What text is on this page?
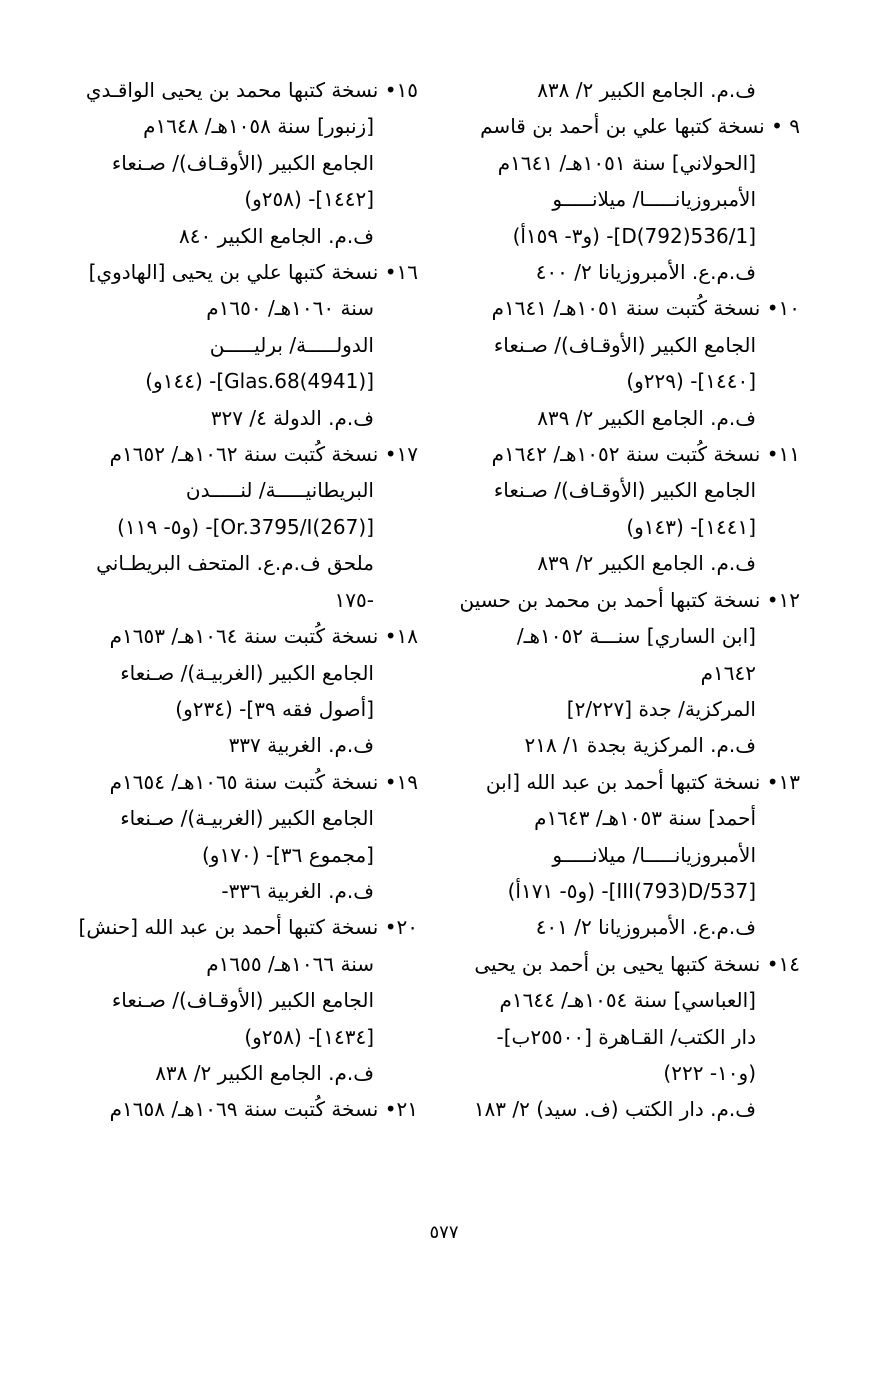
ف.م. الجامع الكبير ٢/ ٨٣٨
٩ • نسخة كتبها علي بن أحمد بن قاسم
[الحولاني] سنة ١٠٥١هـ/ ١٦٤١م
الأمبروزيانـــــا/ ميلانـــــو
[536/1(792)D]- (و٣- ١٥٩أ)
ف.م.ع. الأمبروزيانا ٢/ ٤٠٠
١٠• نسخة كُتبت سنة ١٠٥١هـ/ ١٦٤١م
الجامع الكبير (الأوقـاف)/ صـنعاء
[١٤٤٠]- (٢٢٩و)
ف.م. الجامع الكبير ٢/ ٨٣٩
١١• نسخة كُتبت سنة ١٠٥٢هـ/ ١٦٤٢م
الجامع الكبير (الأوقـاف)/ صـنعاء
[١٤٤١]- (١٤٣و)
ف.م. الجامع الكبير ٢/ ٨٣٩
١٢• نسخة كتبها أحمد بن محمد بن حسين
[ابن الساري] سنـــة ١٠٥٢هـ/
١٦٤٢م
المركزية/ جدة [٢/٢٢٧]
ف.م. المركزية بجدة ١/ ٢١٨
١٣• نسخة كتبها أحمد بن عبد الله [ابن
أحمد] سنة ١٠٥٣هـ/ ١٦٤٣م
الأمبروزيانـــــا/ ميلانـــــو
[537/III(793)D]- (و٥- ١٧١أ)
ف.م.ع. الأمبروزيانا ٢/ ٤٠١
١٤• نسخة كتبها يحيى بن أحمد بن يحيى
[العباسي] سنة ١٠٥٤هـ/ ١٦٤٤م
دار الكتب/ القـاهرة [٢٥٥٠٠ب]-
(و١٠- ٢٢٢)
ف.م. دار الكتب (ف. سيد) ٢/ ١٨٣
١٥• نسخة كتبها محمد بن يحيى الواقـدي
[زنبور] سنة ١٠٥٨هـ/ ١٦٤٨م
الجامع الكبير (الأوقـاف)/ صـنعاء
[١٤٤٢]- (٢٥٨و)
ف.م. الجامع الكبير ٨٤٠
١٦• نسخة كتبها علي بن يحيى [الهادوي]
سنة ١٠٦٠هـ/ ١٦٥٠م
الدولـــــة/ برليـــــن
[Glas.68(4941)]- (١٤٤و)
ف.م. الدولة ٤/ ٣٢٧
١٧• نسخة كُتبت سنة ١٠٦٢هـ/ ١٦٥٢م
البريطانيـــــة/ لنـــــدن
[Or.3795/I(267)]- (و٥- ١١٩)
ملحق ف.م.ع. المتحف البريطـاني
-١٧٥
١٨• نسخة كُتبت سنة ١٠٦٤هـ/ ١٦٥٣م
الجامع الكبير (الغربيـة)/ صـنعاء
[أصول فقه ٣٩]- (٢٣٤و)
ف.م. الغربية ٣٣٧
١٩• نسخة كُتبت سنة ١٠٦٥هـ/ ١٦٥٤م
الجامع الكبير (الغربيـة)/ صـنعاء
[مجموع ٣٦]- (١٧٠و)
ف.م. الغربية ٣٣٦-
٢٠• نسخة كتبها أحمد بن عبد الله [حنش]
سنة ١٠٦٦هـ/ ١٦٥٥م
الجامع الكبير (الأوقـاف)/ صـنعاء
[١٤٣٤]- (٢٥٨و)
ف.م. الجامع الكبير ٢/ ٨٣٨
٢١• نسخة كُتبت سنة ١٠٦٩هـ/ ١٦٥٨م
٥٧٧
